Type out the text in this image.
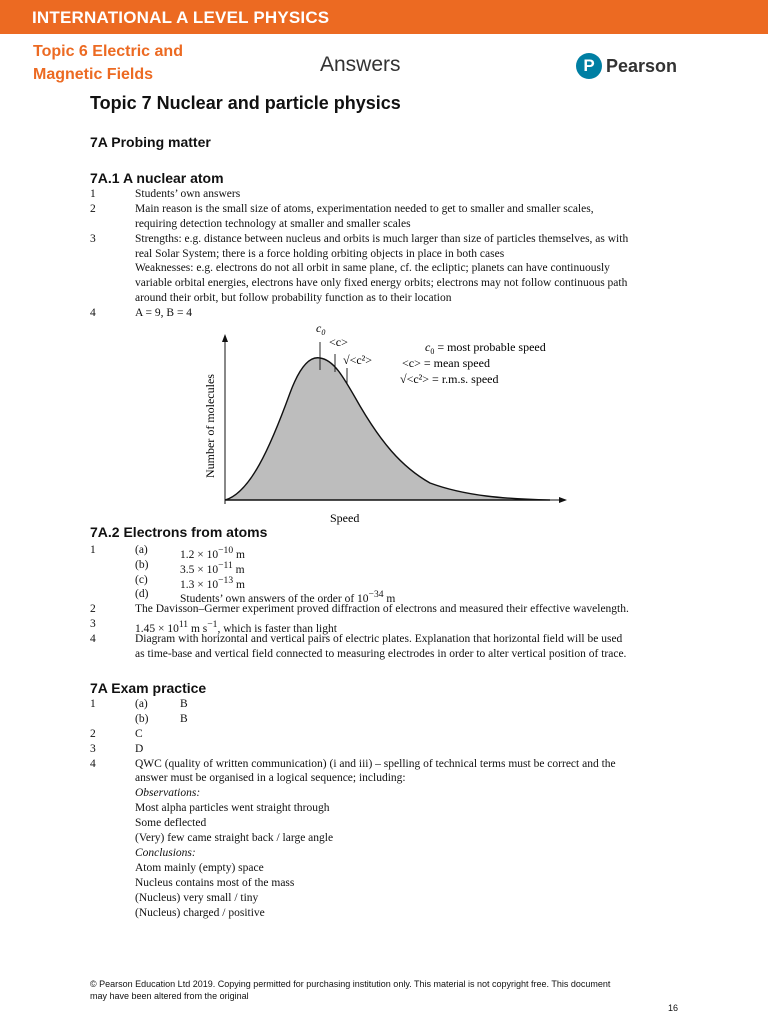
INTERNATIONAL A LEVEL PHYSICS
Topic 6 Electric and
Magnetic Fields	Answers	P Pearson
Topic 7 Nuclear and particle physics
7A Probing matter
7A.1 A nuclear atom
1	Students’ own answers
2	Main reason is the small size of atoms, experimentation needed to get to smaller and smaller scales,
requiring detection technology at smaller and smaller scales
3	Strengths: e.g. distance between nucleus and orbits is much larger than size of particles themselves, as with
real Solar System; there is a force holding orbiting objects in place in both cases
Weaknesses: e.g. electrons do not all orbit in same plane, cf. the ecliptic; planets can have continuously
variable orbital energies, electrons have only fixed energy orbits; electrons may not follow continuous path
around their orbit, but follow probability function as to their location
4	A = 9, B = 4
$c_0$
<c>
√<c²>
$c_0$ = most probable speed
<c> = mean speed
√<c²> = r.m.s. speed
Number of molecules
Speed
7A.2 Electrons from atoms
1	(a)	$1.2 \times 10^{-10}$ m
(b)	$3.5 \times 10^{-11}$ m
(c)	$1.3 \times 10^{-13}$ m
(d)	Students’ own answers of the order of $10^{-34}$ m
2	The Davisson–Germer experiment proved diffraction of electrons and measured their effective wavelength.
3	$1.45 \times 10^{11}$ m $s^{-1}$, which is faster than light
4	Diagram with horizontal and vertical pairs of electric plates. Explanation that horizontal field will be used
as time-base and vertical field connected to measuring electrodes in order to alter vertical position of trace.
7A Exam practice
1	(a)	B
(b)	B
2	C
3	D
4	QWC (quality of written communication) (i and iii) – spelling of technical terms must be correct and the
answer must be organised in a logical sequence; including:
Observations:
Most alpha particles went straight through
Some deflected
(Very) few came straight back / large angle
Conclusions:
Atom mainly (empty) space
Nucleus contains most of the mass
(Nucleus) very small / tiny
(Nucleus) charged / positive
© Pearson Education Ltd 2019. Copying permitted for purchasing institution only. This material is not copyright free. This document
may have been altered from the original
16
